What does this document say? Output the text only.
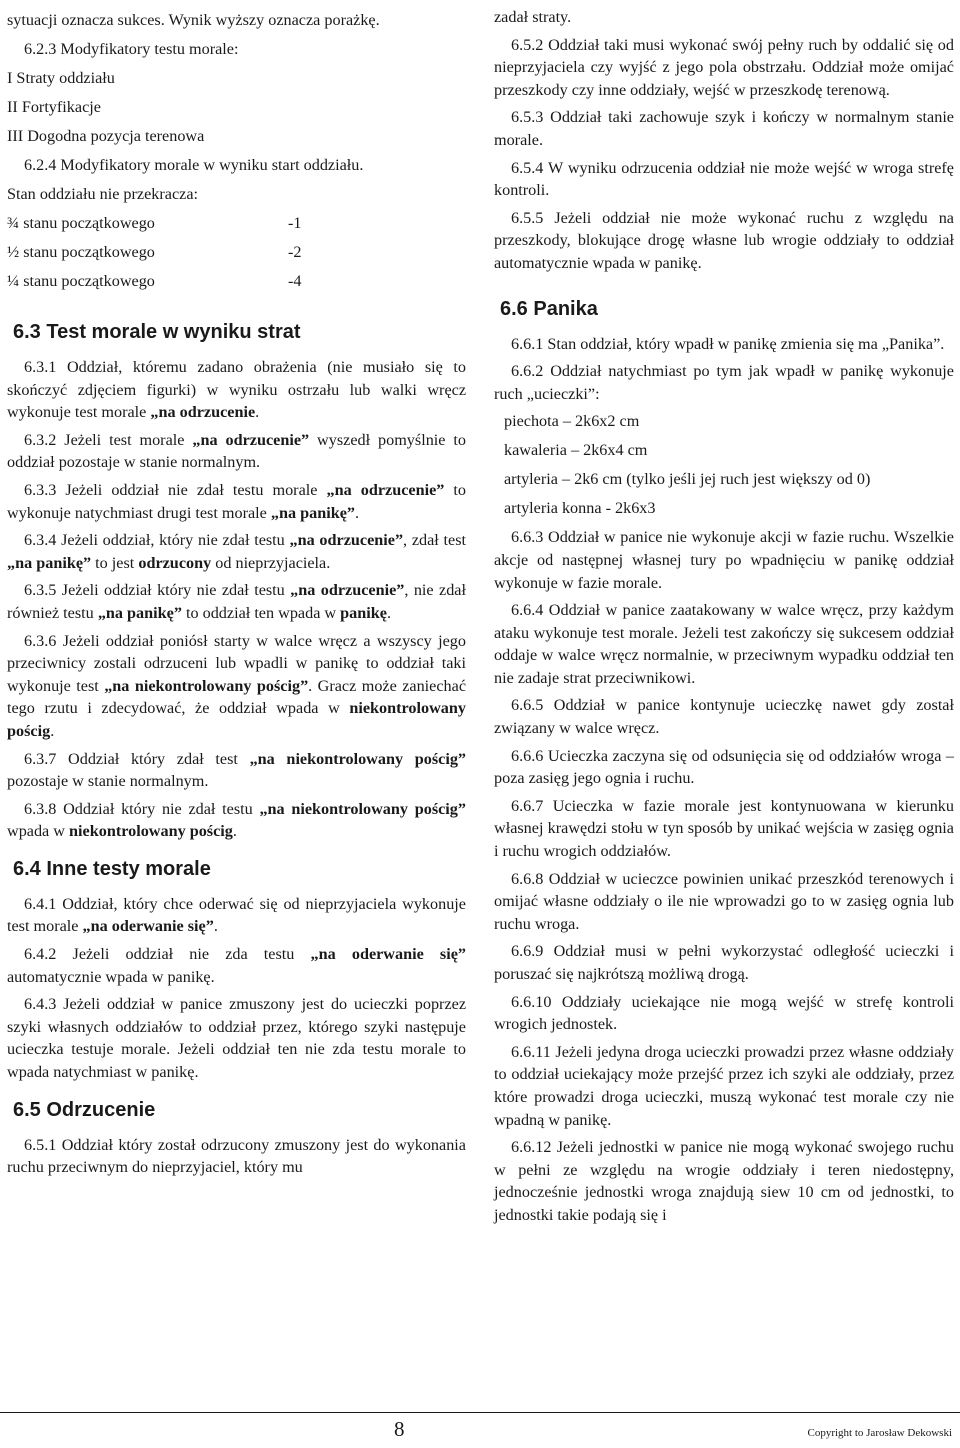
sytuacji oznacza sukces. Wynik wyższy oznacza porażkę.

6.2.3 Modyfikatory testu morale:

I Straty oddziału

II Fortyfikacje

III Dogodna pozycja terenowa

6.2.4 Modyfikatory morale w wyniku start oddziału.

Stan oddziału nie przekracza:

¾ stanu początkowego	-1
½ stanu początkowego	-2
¼ stanu początkowego	-4
6.3 Test morale w wyniku strat

6.3.1 Oddział, któremu zadano obrażenia (nie musiało się to skończyć zdjęciem figurki) w wyniku ostrzału lub walki wręcz wykonuje test morale „na odrzucenie.

6.3.2 Jeżeli test morale „na odrzucenie” wyszedł pomyślnie to oddział pozostaje w stanie normalnym.

6.3.3 Jeżeli oddział nie zdał testu morale „na odrzucenie” to wykonuje natychmiast drugi test morale „na panikę”.

6.3.4 Jeżeli oddział, który nie zdał testu „na odrzucenie”, zdał test „na panikę” to jest odrzucony od nieprzyjaciela.

6.3.5 Jeżeli oddział który nie zdał testu „na odrzucenie”, nie zdał również testu „na panikę” to oddział ten wpada w panikę.

6.3.6 Jeżeli oddział poniósł starty w walce wręcz a wszyscy jego przeciwnicy zostali odrzuceni lub wpadli w panikę to oddział taki wykonuje test „na niekontrolowany pościg”. Gracz może zaniechać tego rzutu i zdecydować, że oddział wpada w niekontrolowany pościg.

6.3.7 Oddział który zdał test „na niekontrolowany pościg” pozostaje w stanie normalnym.

6.3.8 Oddział który nie zdał testu „na niekontrolowany pościg” wpada w niekontrolowany pościg.

6.4 Inne testy morale

6.4.1 Oddział, który chce oderwać się od nieprzyjaciela wykonuje test morale „na oderwanie się”.

6.4.2 Jeżeli oddział nie zda testu „na oderwanie się” automatycznie wpada w panikę.

6.4.3 Jeżeli oddział w panice zmuszony jest do ucieczki poprzez szyki własnych oddziałów to oddział przez, którego szyki następuje ucieczka testuje morale. Jeżeli oddział ten nie zda testu morale to wpada natychmiast w panikę.

6.5 Odrzucenie

6.5.1 Oddział który został odrzucony zmuszony jest do wykonania ruchu przeciwnym do nieprzyjaciel, który mu

zadał straty.

6.5.2 Oddział taki musi wykonać swój pełny ruch by oddalić się od nieprzyjaciela czy wyjść z jego pola obstrzału. Oddział może omijać przeszkody czy inne oddziały, wejść w przeszkodę terenową.

6.5.3 Oddział taki zachowuje szyk i kończy w normalnym stanie morale.

6.5.4 W wyniku odrzucenia oddział nie może wejść w wroga strefę kontroli.

6.5.5 Jeżeli oddział nie może wykonać ruchu z względu na przeszkody, blokujące drogę własne lub wrogie oddziały to oddział automatycznie wpada w panikę.

6.6 Panika

6.6.1 Stan oddział, który wpadł w panikę zmienia się ma „Panika”.

6.6.2 Oddział natychmiast po tym jak wpadł w panikę wykonuje ruch „ucieczki”:

piechota – 2k6x2 cm

kawaleria – 2k6x4 cm

artyleria – 2k6 cm (tylko jeśli jej ruch jest większy od 0)

artyleria konna - 2k6x3

6.6.3 Oddział w panice nie wykonuje akcji w fazie ruchu. Wszelkie akcje od następnej własnej tury po wpadnięciu w panikę oddział wykonuje w fazie morale.

6.6.4 Oddział w panice zaatakowany w walce wręcz, przy każdym ataku wykonuje test morale. Jeżeli test zakończy się sukcesem oddział oddaje w walce wręcz normalnie, w przeciwnym wypadku oddział ten nie zadaje strat przeciwnikowi.

6.6.5 Oddział w panice kontynuje ucieczkę nawet gdy został związany w walce wręcz.

6.6.6 Ucieczka zaczyna się od odsunięcia się od oddziałów wroga – poza zasięg jego ognia i ruchu.

6.6.7 Ucieczka w fazie morale jest kontynuowana w kierunku własnej krawędzi stołu w tyn sposób by unikać wejścia w zasięg ognia i ruchu wrogich oddziałów.

6.6.8 Oddział w ucieczce powinien unikać przeszkód terenowych i omijać własne oddziały o ile nie wprowadzi go to w zasięg ognia lub ruchu wroga.

6.6.9 Oddział musi w pełni wykorzystać odległość ucieczki i poruszać się najkrótszą możliwą drogą.

6.6.10 Oddziały uciekające nie mogą wejść w strefę kontroli wrogich jednostek.

6.6.11 Jeżeli jedyna droga ucieczki prowadzi przez własne oddziały to oddział uciekający może przejść przez ich szyki ale oddziały, przez które prowadzi droga ucieczki, muszą wykonać test morale czy nie wpadną w panikę.

6.6.12 Jeżeli jednostki w panice nie mogą wykonać swojego ruchu w pełni ze względu na wrogie oddziały i teren niedostępny, jednocześnie jednostki wroga znajdują siew 10 cm od jednostki, to jednostki takie podają się i

8	Copyright to Jarosław Dekowski
